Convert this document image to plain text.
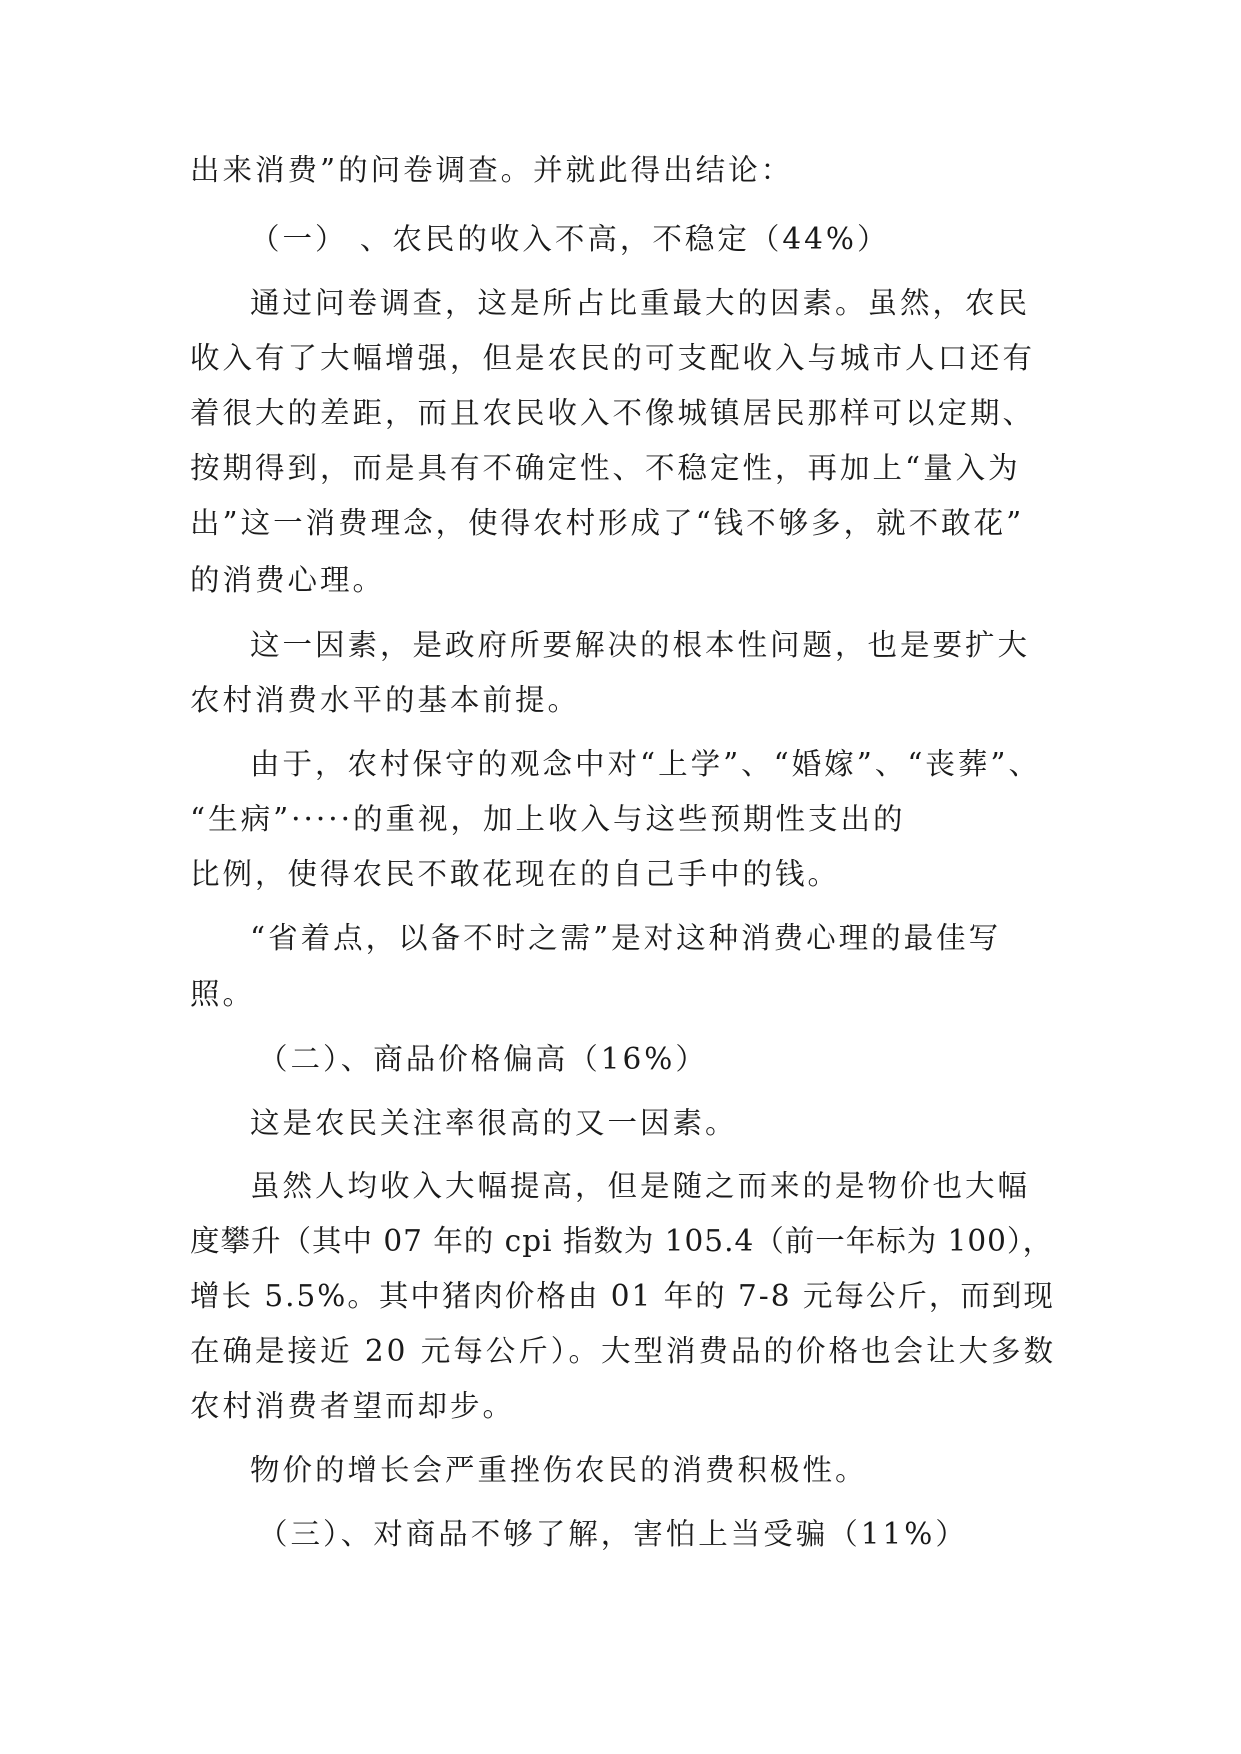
出来消费”的问卷调查。并就此得出结论：
（一） 、农民的收入不高，不稳定（44%）
通过问卷调查，这是所占比重最大的因素。虽然，农民
收入有了大幅增强，但是农民的可支配收入与城市人口还有
着很大的差距，而且农民收入不像城镇居民那样可以定期、
按期得到，而是具有不确定性、不稳定性，再加上“量入为
出”这一消费理念，使得农村形成了“钱不够多，就不敢花”
的消费心理。
这一因素，是政府所要解决的根本性问题，也是要扩大
农村消费水平的基本前提。
由于，农村保守的观念中对“上学”、“婚嫁”、“丧葬”、
“生病”·····的重视，加上收入与这些预期性支出的
比例，使得农民不敢花现在的自己手中的钱。
“省着点，以备不时之需”是对这种消费心理的最佳写
照。
（二）、商品价格偏高（16%）
这是农民关注率很高的又一因素。
虽然人均收入大幅提高，但是随之而来的是物价也大幅
度攀升（其中 07 年的 cpi 指数为 105.4（前一年标为 100），
增长 5.5%。其中猪肉价格由 01 年的 7-8 元每公斤，而到现
在确是接近 20 元每公斤）。大型消费品的价格也会让大多数
农村消费者望而却步。
物价的增长会严重挫伤农民的消费积极性。
（三）、对商品不够了解，害怕上当受骗（11%）
